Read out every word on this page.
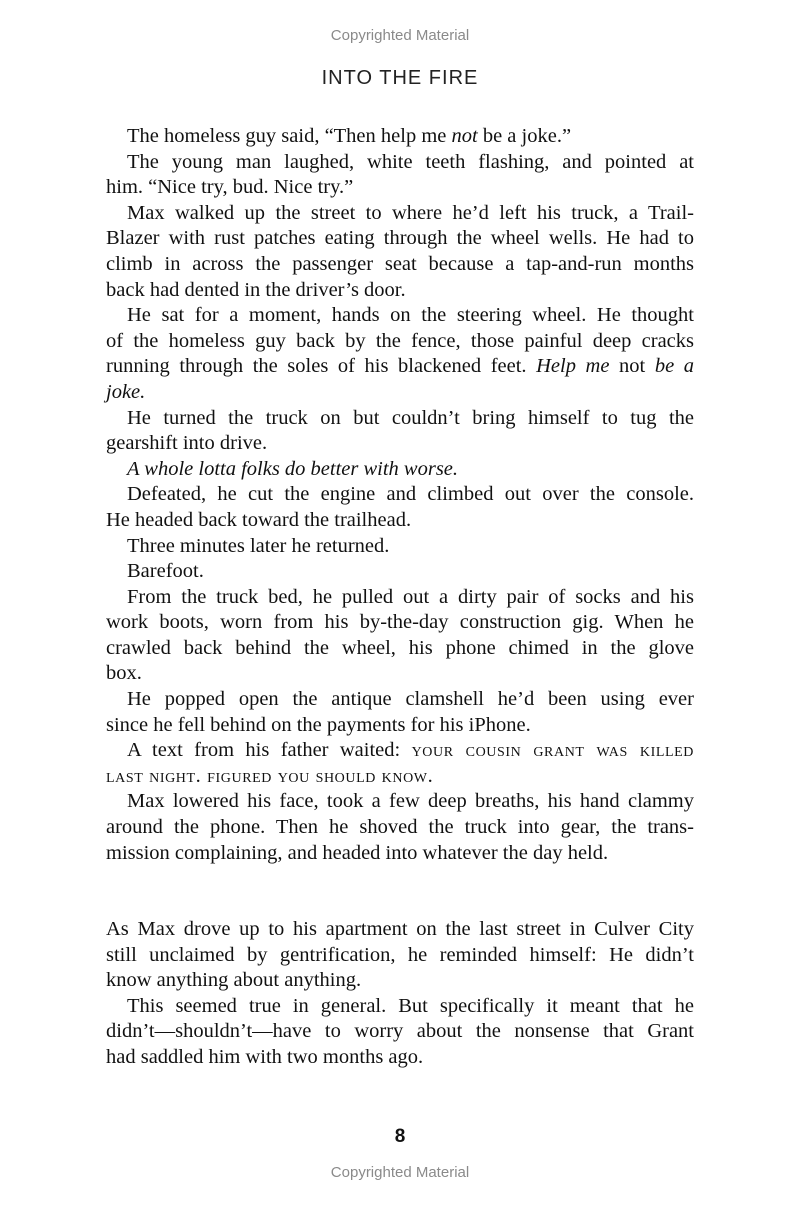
Copyrighted Material
INTO THE FIRE
The homeless guy said, “Then help me not be a joke.”
The young man laughed, white teeth flashing, and pointed at
him. “Nice try, bud. Nice try.”
Max walked up the street to where he’d left his truck, a Trail-
Blazer with rust patches eating through the wheel wells. He had to
climb in across the passenger seat because a tap-and-run months
back had dented in the driver’s door.
He sat for a moment, hands on the steering wheel. He thought
of the homeless guy back by the fence, those painful deep cracks
running through the soles of his blackened feet. Help me not be a
joke.
He turned the truck on but couldn’t bring himself to tug the
gearshift into drive.
A whole lotta folks do better with worse.
Defeated, he cut the engine and climbed out over the console.
He headed back toward the trailhead.
Three minutes later he returned.
Barefoot.
From the truck bed, he pulled out a dirty pair of socks and his
work boots, worn from his by-the-day construction gig. When he
crawled back behind the wheel, his phone chimed in the glove
box.
He popped open the antique clamshell he’d been using ever
since he fell behind on the payments for his iPhone.
A text from his father waited: your cousin grant was killed
last night. figured you should know.
Max lowered his face, took a few deep breaths, his hand clammy
around the phone. Then he shoved the truck into gear, the trans-
mission complaining, and headed into whatever the day held.
As Max drove up to his apartment on the last street in Culver City
still unclaimed by gentrification, he reminded himself: He didn’t
know anything about anything.
This seemed true in general. But specifically it meant that he
didn’t—shouldn’t—have to worry about the nonsense that Grant
had saddled him with two months ago.
8
Copyrighted Material
